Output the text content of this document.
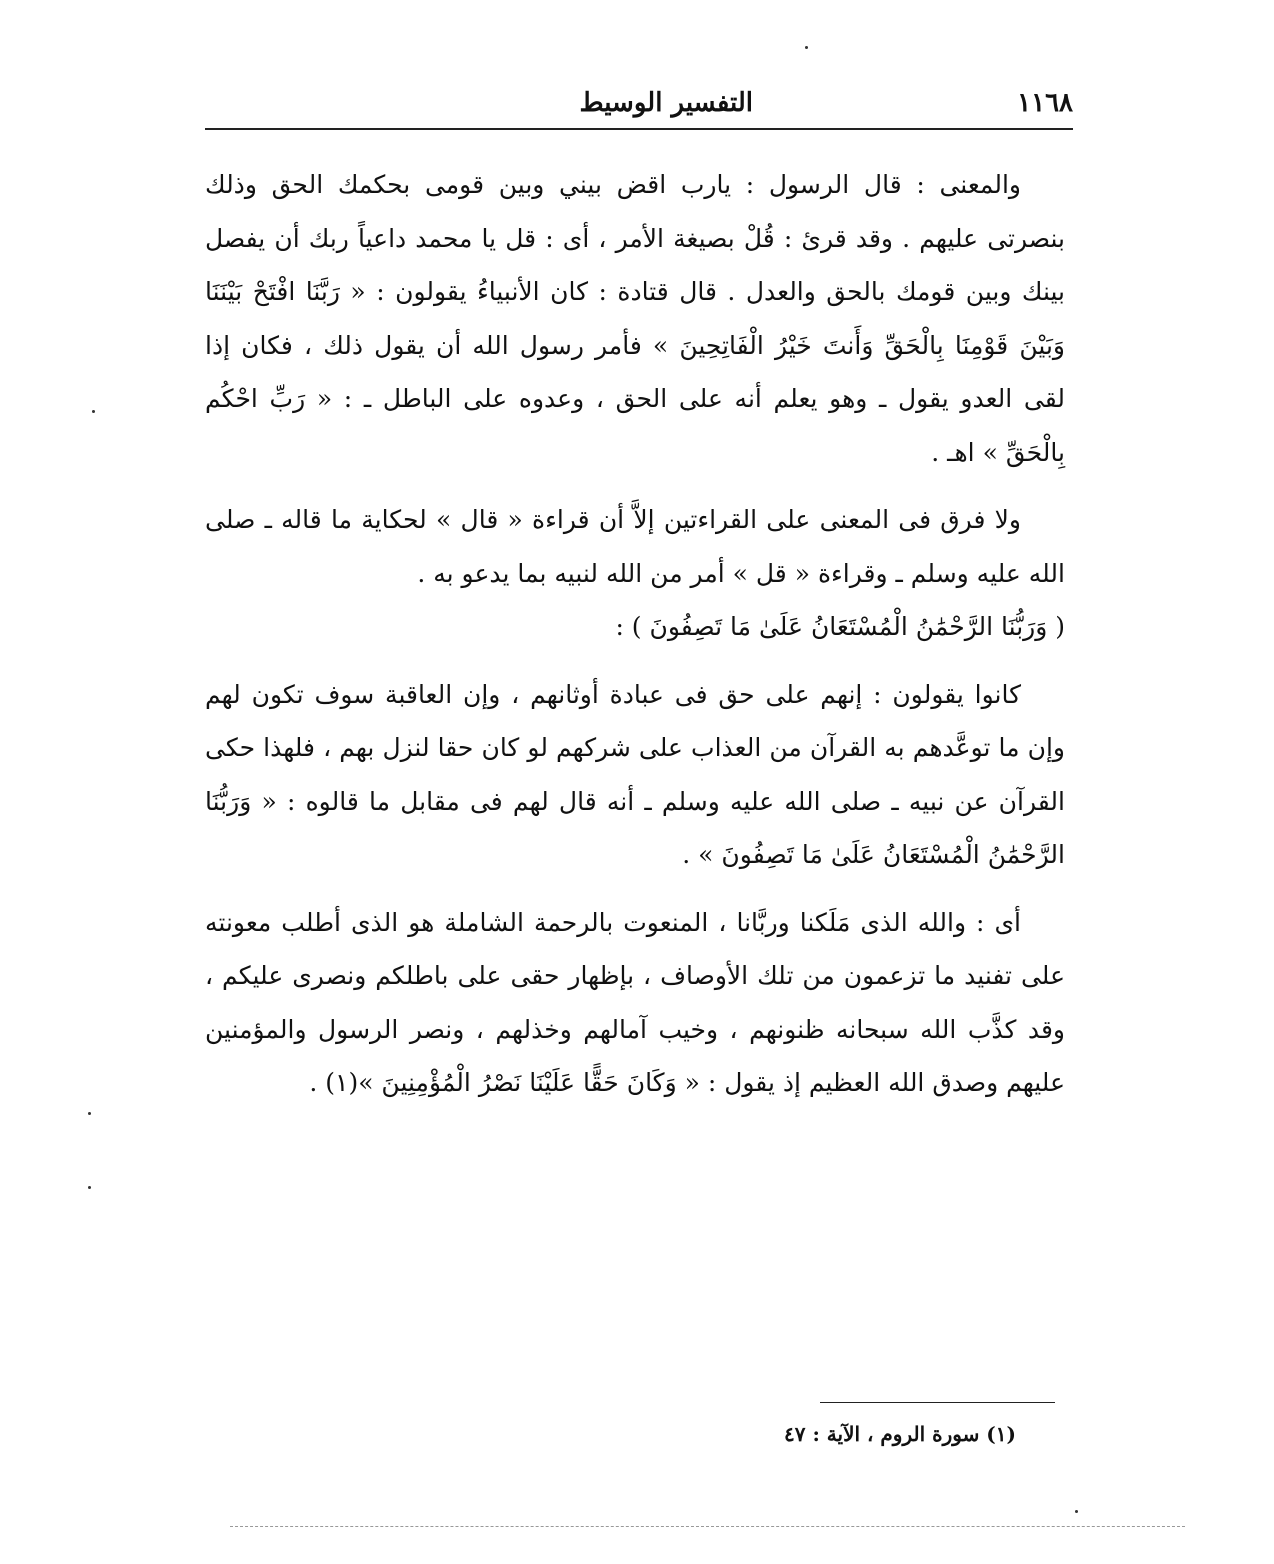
١١٦٨
التفسير الوسيط

والمعنى : قال الرسول : يارب اقض بيني وبين قومى بحكمك الحق وذلك بنصرتى عليهم . وقد قرئ : قُلْ بصيغة الأمر ، أى : قل يا محمد داعياً ربك أن يفصل بينك وبين قومك بالحق والعدل . قال قتادة : كان الأنبياءُ يقولون : « رَبَّنَا افْتَحْ بَيْنَنَا وَبَيْنَ قَوْمِنَا بِالْحَقِّ وَأَنتَ خَيْرُ الْفَاتِحِينَ » فأمر رسول الله أن يقول ذلك ، فكان إذا لقى العدو يقول ـ وهو يعلم أنه على الحق ، وعدوه على الباطل ـ : « رَبِّ احْكُم بِالْحَقِّ » اهـ .

ولا فرق فى المعنى على القراءتين إلاَّ أن قراءة « قال » لحكاية ما قاله ـ صلى الله عليه وسلم ـ وقراءة « قل » أمر من الله لنبيه بما يدعو به .

( وَرَبُّنَا الرَّحْمَٰنُ الْمُسْتَعَانُ عَلَىٰ مَا تَصِفُونَ ) :

كانوا يقولون : إنهم على حق فى عبادة أوثانهم ، وإن العاقبة سوف تكون لهم وإن ما توعَّدهم به القرآن من العذاب على شركهم لو كان حقا لنزل بهم ، فلهذا حكى القرآن عن نبيه ـ صلى الله عليه وسلم ـ أنه قال لهم فى مقابل ما قالوه : « وَرَبُّنَا الرَّحْمَٰنُ الْمُسْتَعَانُ عَلَىٰ مَا تَصِفُونَ » .

أى : والله الذى مَلَكنا وربَّانا ، المنعوت بالرحمة الشاملة هو الذى أطلب معونته على تفنيد ما تزعمون من تلك الأوصاف ، بإظهار حقى على باطلكم ونصرى عليكم ، وقد كذَّب الله سبحانه ظنونهم ، وخيب آمالهم وخذلهم ، ونصر الرسول والمؤمنين عليهم وصدق الله العظيم إذ يقول : « وَكَانَ حَقًّا عَلَيْنَا نَصْرُ الْمُؤْمِنِينَ »(١) .

(١) سورة الروم ، الآية : ٤٧
